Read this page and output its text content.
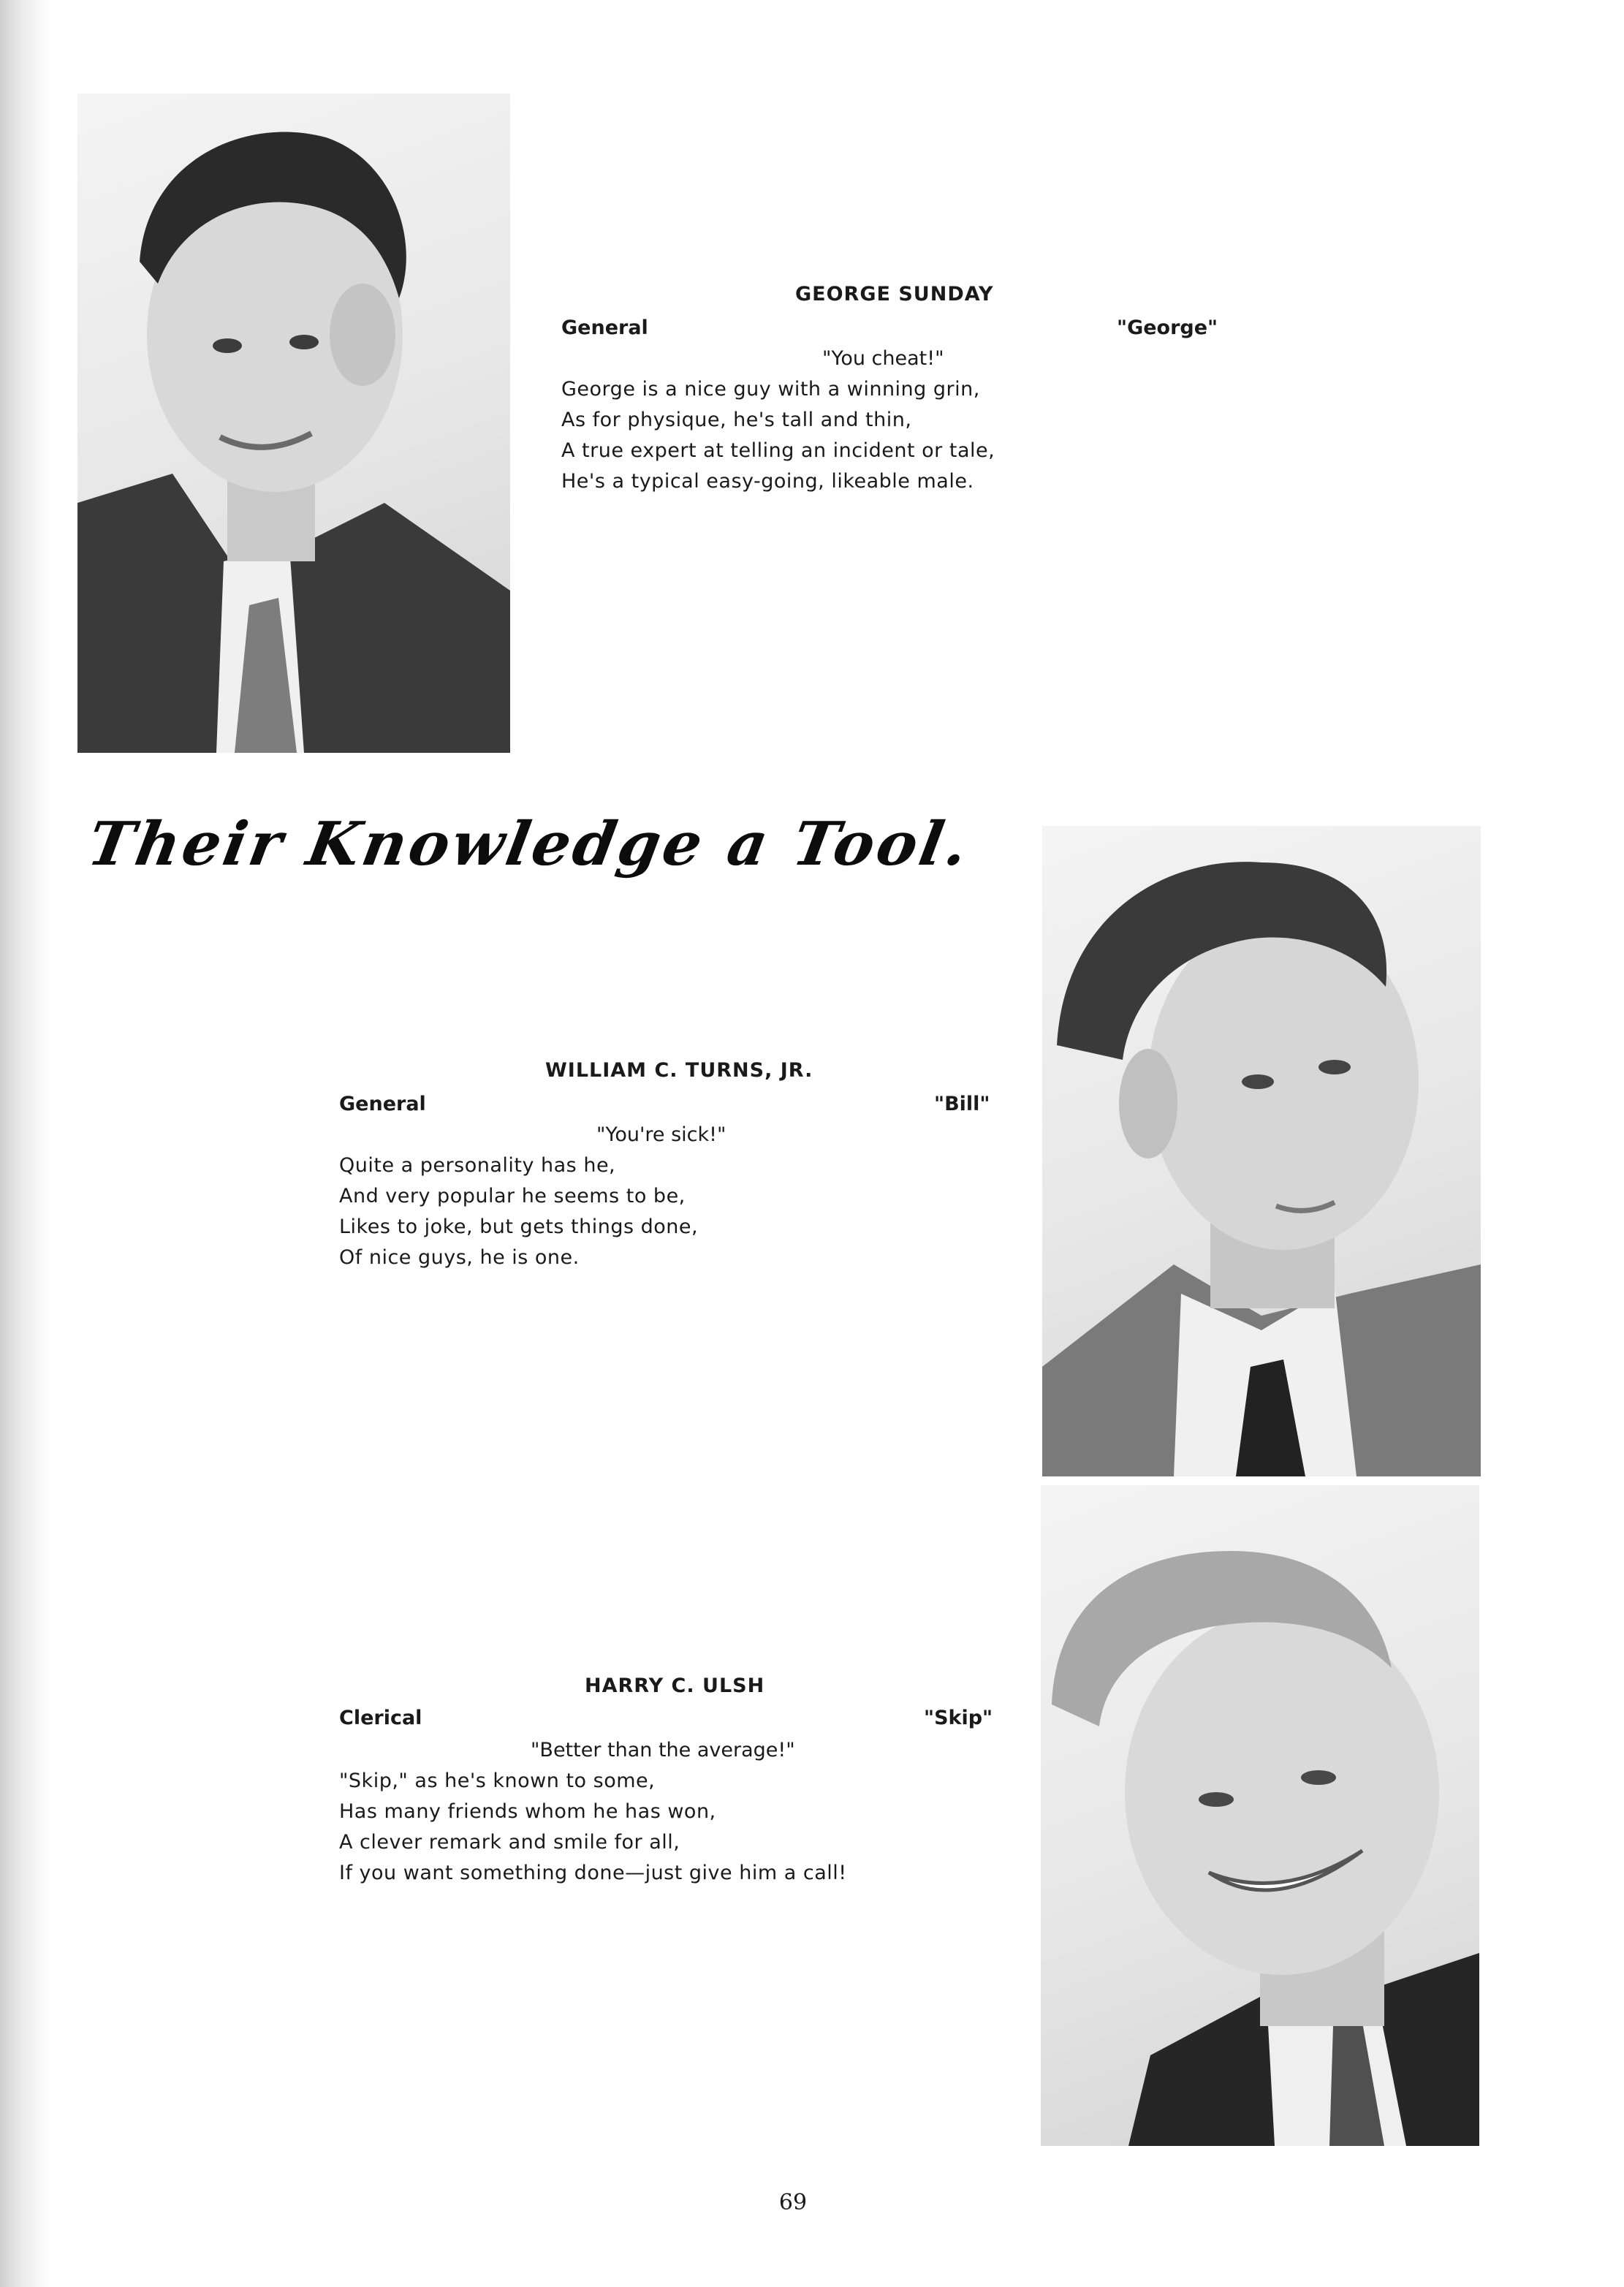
GEORGE SUNDAY
General	"George"
"You cheat!"
George is a nice guy with a winning grin,
As for physique, he's tall and thin,
A true expert at telling an incident or tale,
He's a typical easy-going, likeable male.
Their Knowledge a Tool.
WILLIAM C. TURNS, JR.
General	"Bill"
"You're sick!"
Quite a personality has he,
And very popular he seems to be,
Likes to joke, but gets things done,
Of nice guys, he is one.
HARRY C. ULSH
Clerical	"Skip"
"Better than the average!"
"Skip," as he's known to some,
Has many friends whom he has won,
A clever remark and smile for all,
If you want something done—just give him a call!
69
